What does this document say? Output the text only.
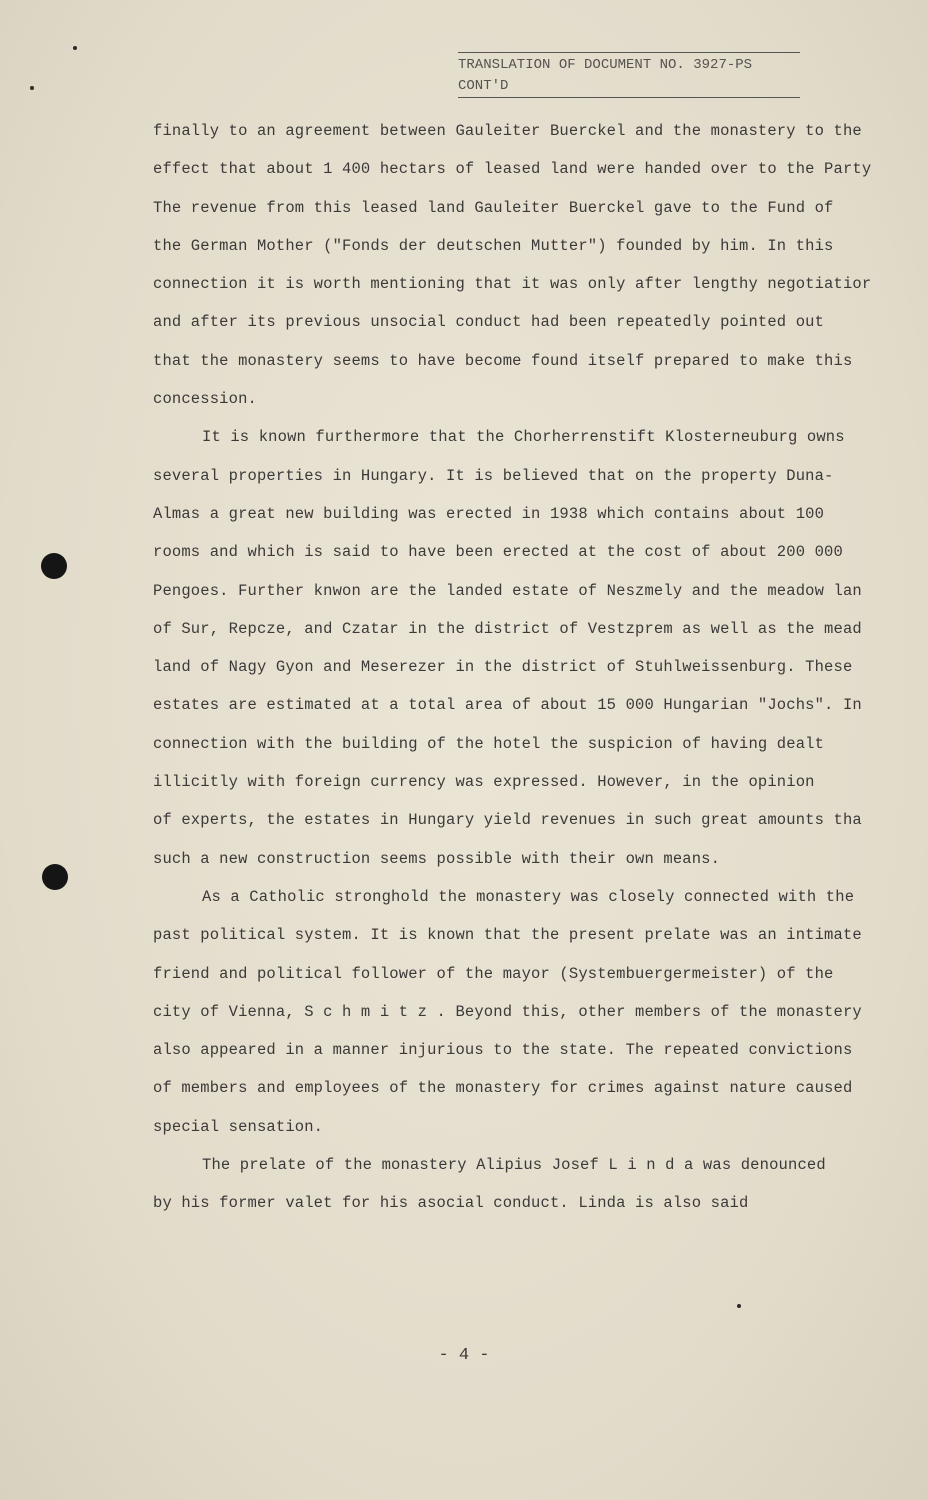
TRANSLATION OF DOCUMENT NO. 3927-PS
CONT'D
finally to an agreement between Gauleiter Buerckel and the monastery to the
effect that about 1 400 hectars of leased land were handed over to the Party
The revenue from this leased land Gauleiter Buerckel gave to the Fund of
the German Mother ("Fonds der deutschen Mutter") founded by him. In this
connection it is worth mentioning that it was only after lengthy negotiatior
and after its previous unsocial conduct had been repeatedly pointed out
that the monastery seems to have become found itself prepared to make this
concession.
It is known furthermore that the Chorherrenstift Klosterneuburg owns
several properties in Hungary. It is believed that on the property Duna-
Almas a great new building was erected in 1938 which contains about 100
rooms and which is said to have been erected at the cost of about 200 000
Pengoes. Further knwon are the landed estate of Neszmely and the meadow lan
of Sur, Repcze, and Czatar in the district of Vestzprem as well as the mead
land of Nagy Gyon and Meserezer in the district of Stuhlweissenburg. These
estates are estimated at a total area of about 15 000 Hungarian "Jochs". In
connection with the building of the hotel the suspicion of having dealt
illicitly with foreign currency was expressed. However, in the opinion
of experts, the estates in Hungary yield revenues in such great amounts tha
such a new construction seems possible with their own means.
As a Catholic stronghold the monastery was closely connected with the
past political system. It is known that the present prelate was an intimate
friend and political follower of the mayor (Systembuergermeister) of the
city of Vienna, S c h m i t z . Beyond this, other members of the monastery
also appeared in a manner injurious to the state. The repeated convictions
of members and employees of the monastery for crimes against nature caused
special sensation.
The prelate of the monastery Alipius Josef L i n d a was denounced
by his former valet for his asocial conduct. Linda is also said
- 4 -
